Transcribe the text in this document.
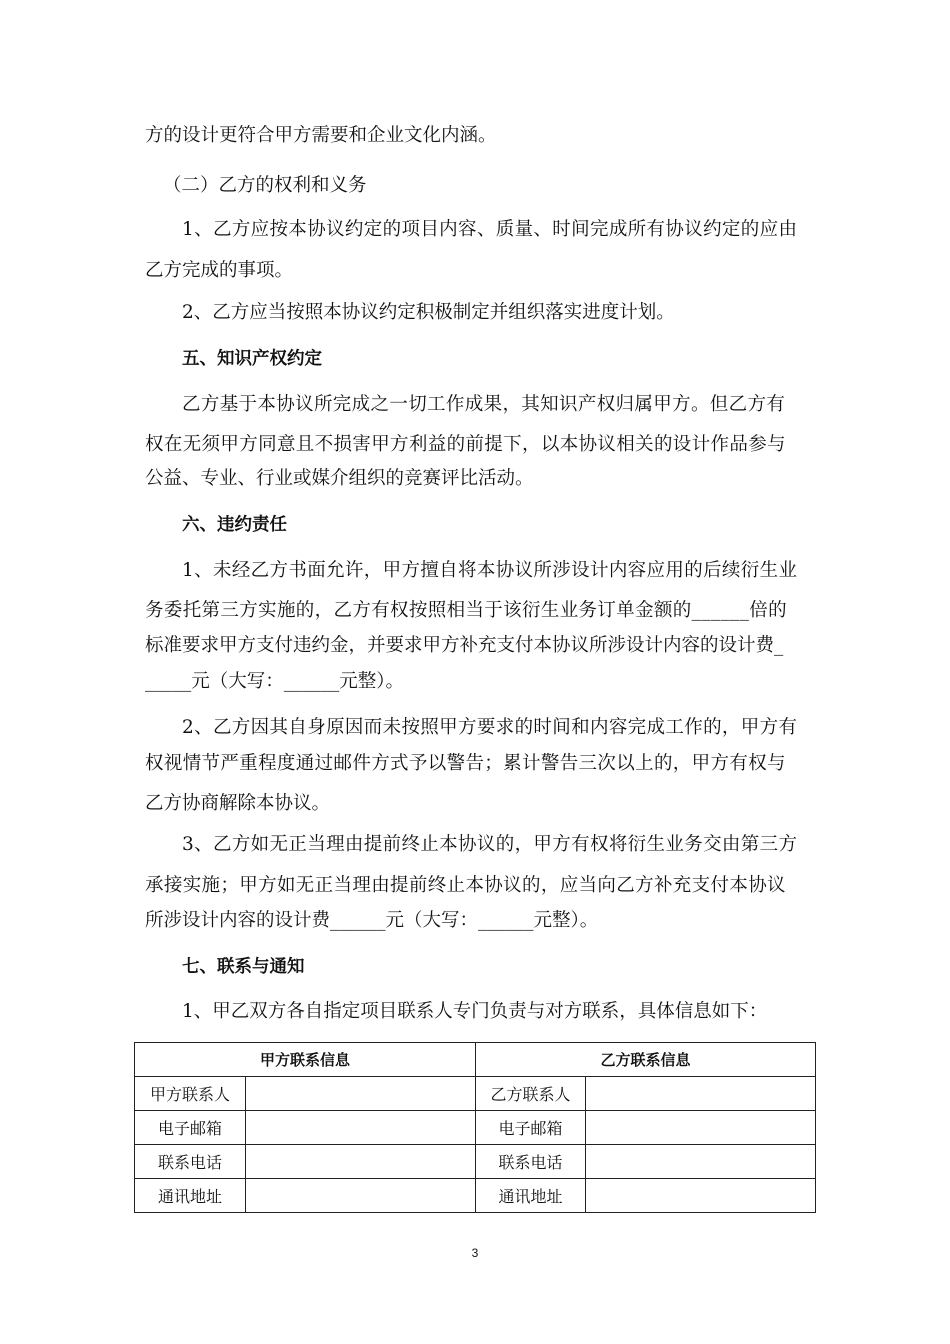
方的设计更符合甲方需要和企业文化内涵。
（二）乙方的权利和义务
1、乙方应按本协议约定的项目内容、质量、时间完成所有协议约定的应由
乙方完成的事项。
2、乙方应当按照本协议约定积极制定并组织落实进度计划。
五、知识产权约定
乙方基于本协议所完成之一切工作成果，其知识产权归属甲方。但乙方有
权在无须甲方同意且不损害甲方利益的前提下，以本协议相关的设计作品参与
公益、专业、行业或媒介组织的竞赛评比活动。
六、违约责任
1、未经乙方书面允许，甲方擅自将本协议所涉设计内容应用的后续衍生业
务委托第三方实施的，乙方有权按照相当于该衍生业务订单金额的______倍的
标准要求甲方支付违约金，并要求甲方补充支付本协议所涉设计内容的设计费_
_____元（大写：______元整）。
2、乙方因其自身原因而未按照甲方要求的时间和内容完成工作的，甲方有
权视情节严重程度通过邮件方式予以警告；累计警告三次以上的，甲方有权与
乙方协商解除本协议。
3、乙方如无正当理由提前终止本协议的，甲方有权将衍生业务交由第三方
承接实施；甲方如无正当理由提前终止本协议的，应当向乙方补充支付本协议
所涉设计内容的设计费______元（大写：______元整）。
七、联系与通知
1、甲乙双方各自指定项目联系人专门负责与对方联系，具体信息如下：
甲方联系信息		乙方联系信息	
甲方联系人		乙方联系人	
电子邮箱		电子邮箱	
联系电话		联系电话	
通讯地址		通讯地址	
3
